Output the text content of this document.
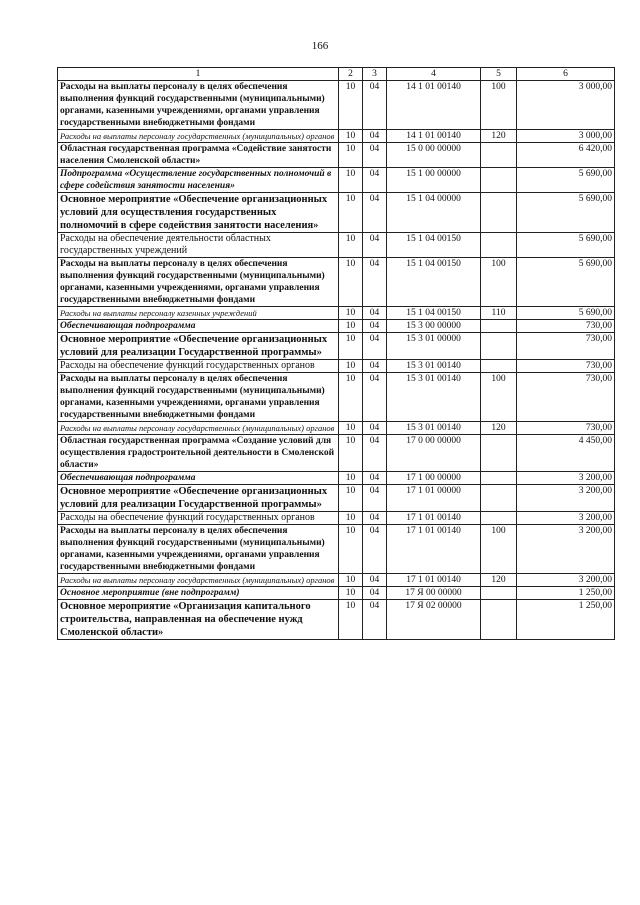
166
1	2	3	4	5	6
Расходы на выплаты персоналу в целях обеспечения выполнения функций государственными (муниципальными) органами, казенными учреждениями, органами управления государственными внебюджетными фондами	10	04	14 1 01 00140	100	3 000,00
Расходы на выплаты персоналу государственных (муниципальных) органов	10	04	14 1 01 00140	120	3 000,00
Областная государственная программа «Содействие занятости населения Смоленской области»	10	04	15 0 00 00000		6 420,00
Подпрограмма «Осуществление государственных полномочий в сфере содействия занятости населения»	10	04	15 1 00 00000		5 690,00
Основное мероприятие «Обеспечение организационных условий для осуществления государственных полномочий в сфере содействия занятости населения»	10	04	15 1 04 00000		5 690,00
Расходы на обеспечение деятельности областных государственных учреждений	10	04	15 1 04 00150		5 690,00
Расходы на выплаты персоналу в целях обеспечения выполнения функций государственными (муниципальными) органами, казенными учреждениями, органами управления государственными внебюджетными фондами	10	04	15 1 04 00150	100	5 690,00
Расходы на выплаты персоналу казенных учреждений	10	04	15 1 04 00150	110	5 690,00
Обеспечивающая подпрограмма	10	04	15 3 00 00000		730,00
Основное мероприятие «Обеспечение организационных условий для реализации Государственной программы»	10	04	15 3 01 00000		730,00
Расходы на обеспечение функций государственных органов	10	04	15 3 01 00140		730,00
Расходы на выплаты персоналу в целях обеспечения выполнения функций государственными (муниципальными) органами, казенными учреждениями, органами управления государственными внебюджетными фондами	10	04	15 3 01 00140	100	730,00
Расходы на выплаты персоналу государственных (муниципальных) органов	10	04	15 3 01 00140	120	730,00
Областная государственная программа «Создание условий для осуществления градостроительной деятельности в Смоленской области»	10	04	17 0 00 00000		4 450,00
Обеспечивающая подпрограмма	10	04	17 1 00 00000		3 200,00
Основное мероприятие «Обеспечение организационных условий для реализации Государственной программы»	10	04	17 1 01 00000		3 200,00
Расходы на обеспечение функций государственных органов	10	04	17 1 01 00140		3 200,00
Расходы на выплаты персоналу в целях обеспечения выполнения функций государственными (муниципальными) органами, казенными учреждениями, органами управления государственными внебюджетными фондами	10	04	17 1 01 00140	100	3 200,00
Расходы на выплаты персоналу государственных (муниципальных) органов	10	04	17 1 01 00140	120	3 200,00
Основное мероприятие (вне подпрограмм)	10	04	17 Я 00 00000		1 250,00
Основное мероприятие «Организация капитального строительства, направленная на обеспечение нужд Смоленской области»	10	04	17 Я 02 00000		1 250,00
